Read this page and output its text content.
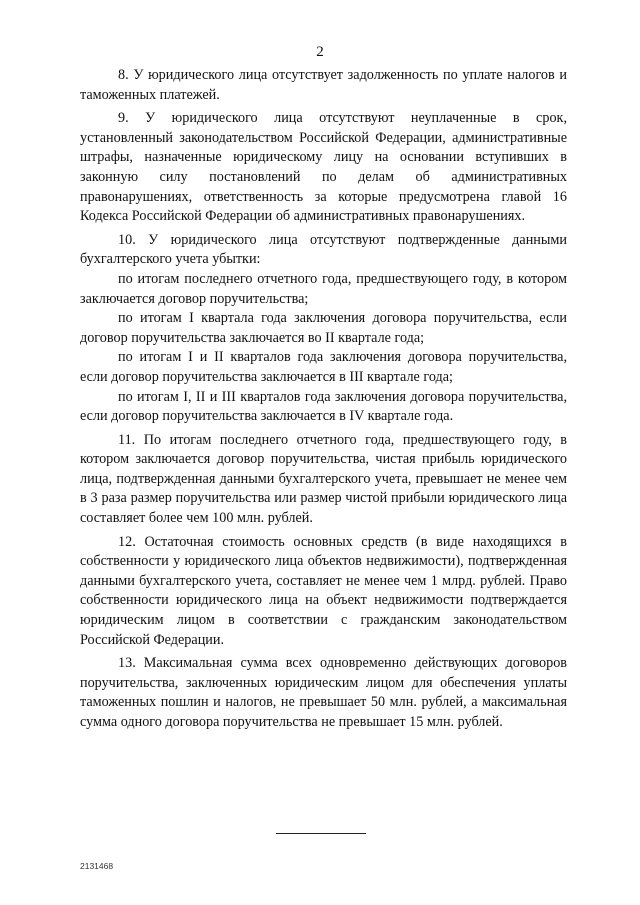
2

8. У юридического лица отсутствует задолженность по уплате налогов и таможенных платежей.

9. У юридического лица отсутствуют неуплаченные в срок, установленный законодательством Российской Федерации, административные штрафы, назначенные юридическому лицу на основании вступивших в законную силу постановлений по делам об административных правонарушениях, ответственность за которые предусмотрена главой 16 Кодекса Российской Федерации об административных правонарушениях.

10. У юридического лица отсутствуют подтвержденные данными бухгалтерского учета убытки:

по итогам последнего отчетного года, предшествующего году, в котором заключается договор поручительства;

по итогам I квартала года заключения договора поручительства, если договор поручительства заключается во II квартале года;

по итогам I и II кварталов года заключения договора поручительства, если договор поручительства заключается в III квартале года;

по итогам I, II и III кварталов года заключения договора поручительства, если договор поручительства заключается в IV квартале года.

11. По итогам последнего отчетного года, предшествующего году, в котором заключается договор поручительства, чистая прибыль юридического лица, подтвержденная данными бухгалтерского учета, превышает не менее чем в 3 раза размер поручительства или размер чистой прибыли юридического лица составляет более чем 100 млн. рублей.

12. Остаточная стоимость основных средств (в виде находящихся в собственности у юридического лица объектов недвижимости), подтвержденная данными бухгалтерского учета, составляет не менее чем 1 млрд. рублей. Право собственности юридического лица на объект недвижимости подтверждается юридическим лицом в соответствии с гражданским законодательством Российской Федерации.

13. Максимальная сумма всех одновременно действующих договоров поручительства, заключенных юридическим лицом для обеспечения уплаты таможенных пошлин и налогов, не превышает 50 млн. рублей, а максимальная сумма одного договора поручительства не превышает 15 млн. рублей.

2131468
